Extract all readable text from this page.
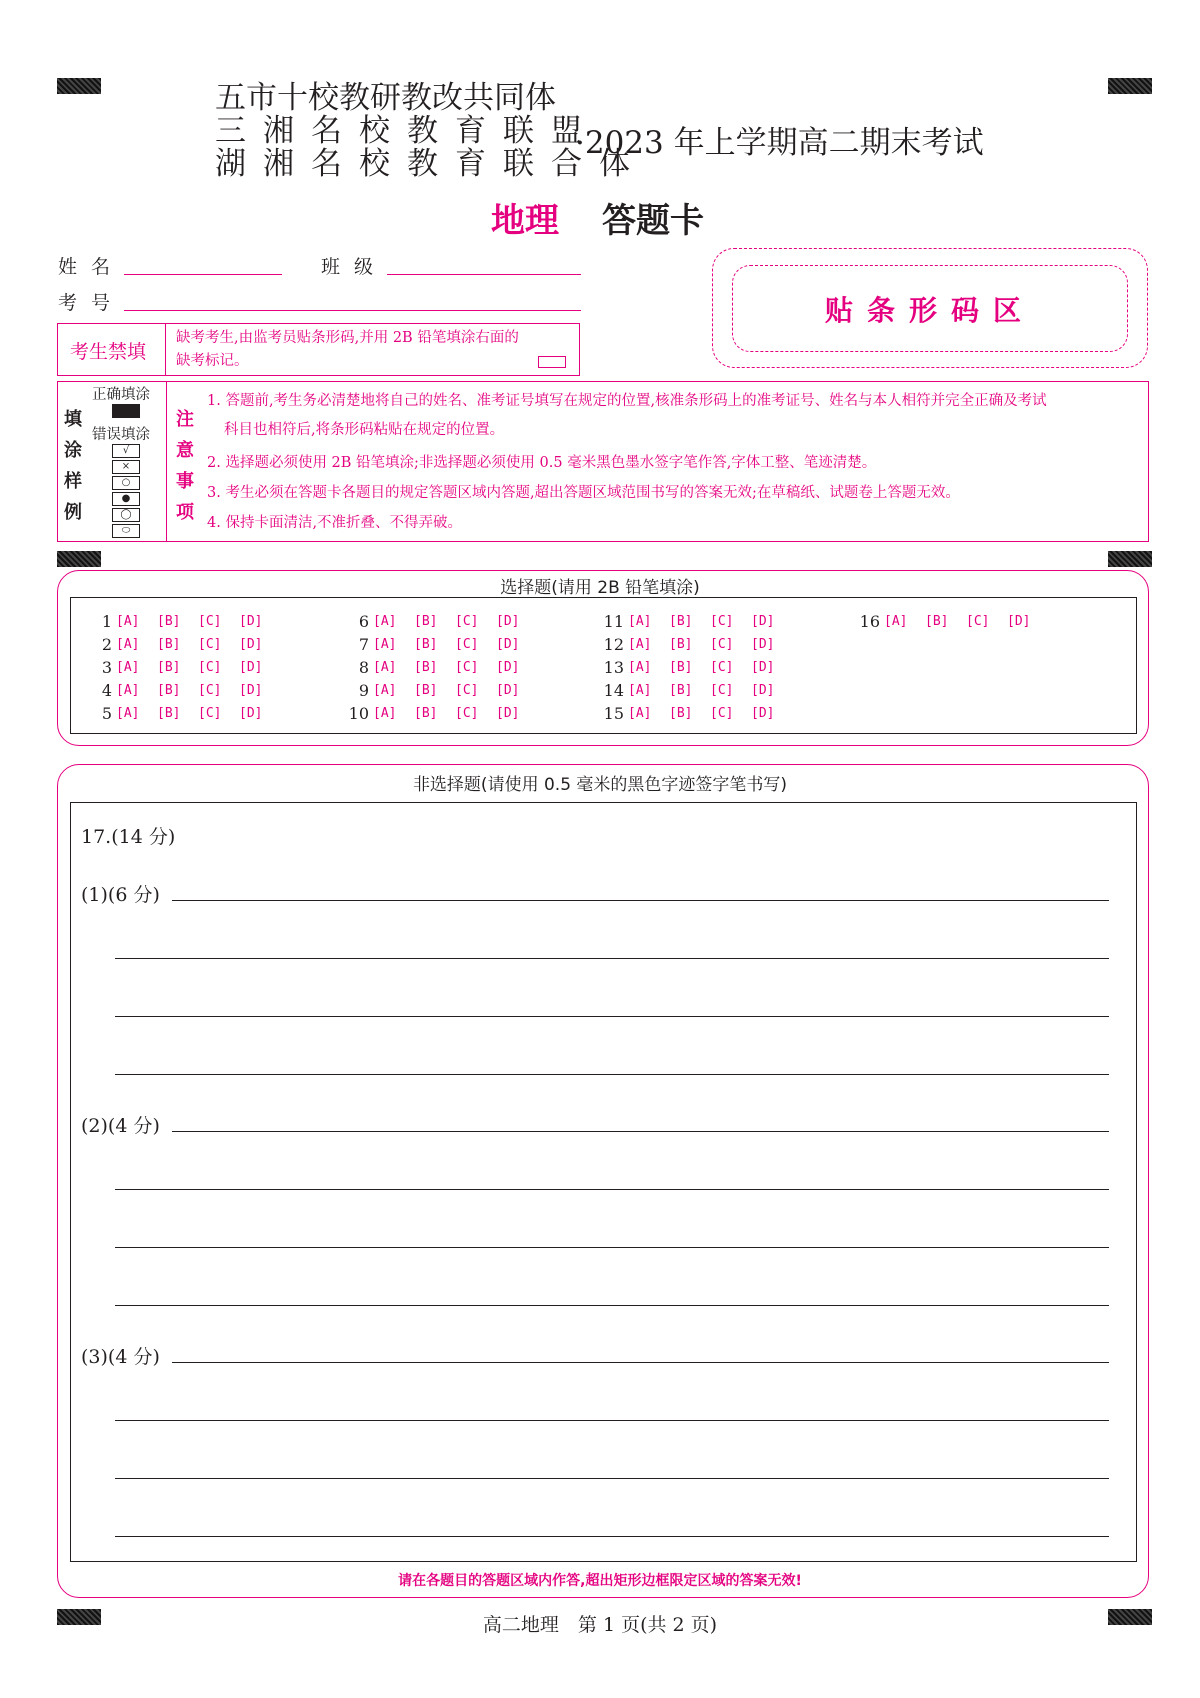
五市十校教研教改共同体
三湘名校教育联盟
湖湘名校教育联合体
·2023 年上学期高二期末考试
地理 答题卡
姓名	班级
考号	贴条形码区
考生禁填
缺考考生,由监考员贴条形码,并用 2B 铅笔填涂右面的
缺考标记。
填
涂
样
例
正确填涂
错误填涂
√
×
○
●
◯
⬭
注
意
事
项
1. 答题前,考生务必清楚地将自己的姓名、准考证号填写在规定的位置,核准条形码上的准考证号、姓名与本人相符并完全正确及考试
科目也相符后,将条形码粘贴在规定的位置。
2. 选择题必须使用 2B 铅笔填涂;非选择题必须使用 0.5 毫米黑色墨水签字笔作答,字体工整、笔迹清楚。
3. 考生必须在答题卡各题目的规定答题区域内答题,超出答题区域范围书写的答案无效;在草稿纸、试题卷上答题无效。
4. 保持卡面清洁,不准折叠、不得弄破。
选择题(请用 2B 铅笔填涂)
1 [A]	[B]	[C]	[D]
2 [A]	[B]	[C]	[D]
3 [A]	[B]	[C]	[D]
4 [A]	[B]	[C]	[D]
5 [A]	[B]	[C]	[D]
6 [A]	[B]	[C]	[D]
7 [A]	[B]	[C]	[D]
8 [A]	[B]	[C]	[D]
9 [A]	[B]	[C]	[D]
10 [A]	[B]	[C]	[D]
11 [A]	[B]	[C]	[D]
12 [A]	[B]	[C]	[D]
13 [A]	[B]	[C]	[D]
14 [A]	[B]	[C]	[D]
15 [A]	[B]	[C]	[D]
16 [A]	[B]	[C]	[D]
非选择题(请使用 0.5 毫米的黑色字迹签字笔书写)
17.(14 分)
(1)(6 分)
(2)(4 分)
(3)(4 分)
请在各题目的答题区域内作答,超出矩形边框限定区域的答案无效!
高二地理　第 1 页(共 2 页)
